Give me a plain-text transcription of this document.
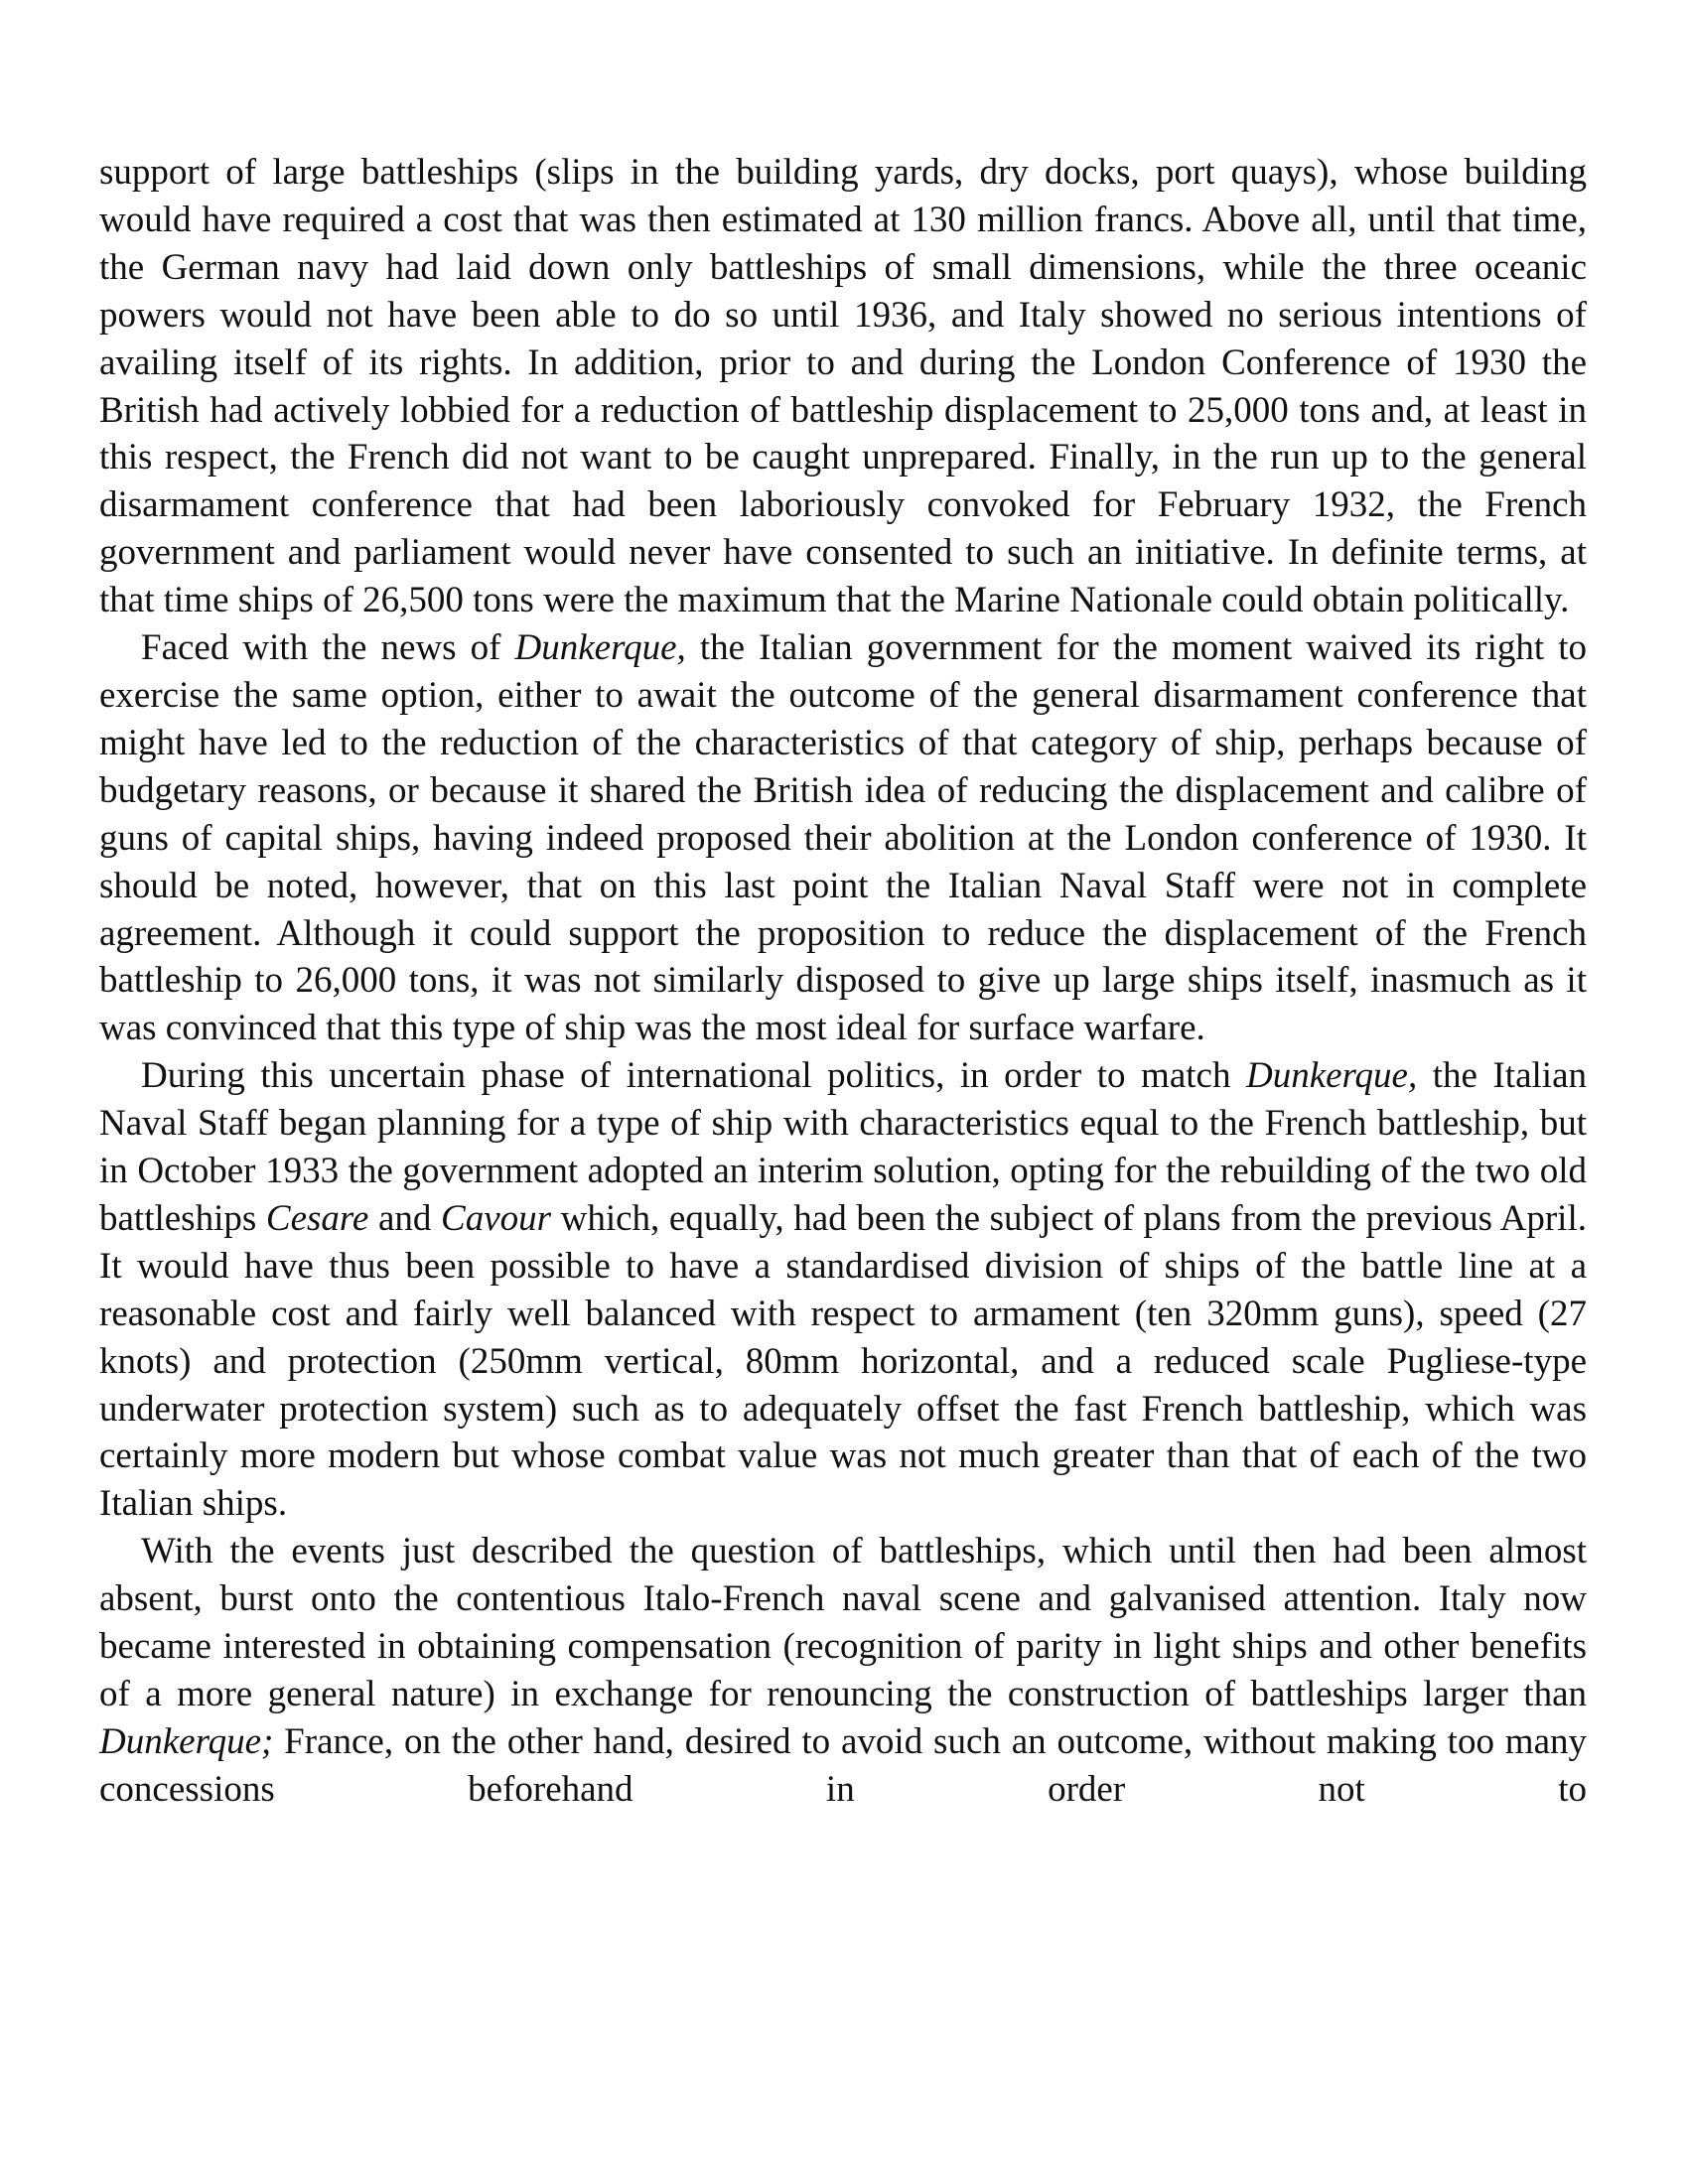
support of large battleships (slips in the building yards, dry docks, port quays), whose building would have required a cost that was then estimated at 130 million francs. Above all, until that time, the German navy had laid down only battleships of small dimensions, while the three oceanic powers would not have been able to do so until 1936, and Italy showed no serious intentions of availing itself of its rights. In addition, prior to and during the London Conference of 1930 the British had actively lobbied for a reduction of battleship displacement to 25,000 tons and, at least in this respect, the French did not want to be caught unprepared. Finally, in the run up to the general disarmament conference that had been laboriously convoked for February 1932, the French government and parliament would never have consented to such an initiative. In definite terms, at that time ships of 26,500 tons were the maximum that the Marine Nationale could obtain politically.

Faced with the news of Dunkerque, the Italian government for the moment waived its right to exercise the same option, either to await the outcome of the general disarmament conference that might have led to the reduction of the characteristics of that category of ship, perhaps because of budgetary reasons, or because it shared the British idea of reducing the displacement and calibre of guns of capital ships, having indeed proposed their abolition at the London conference of 1930. It should be noted, however, that on this last point the Italian Naval Staff were not in complete agreement. Although it could support the proposition to reduce the displacement of the French battleship to 26,000 tons, it was not similarly disposed to give up large ships itself, inasmuch as it was convinced that this type of ship was the most ideal for surface warfare.

During this uncertain phase of international politics, in order to match Dunkerque, the Italian Naval Staff began planning for a type of ship with characteristics equal to the French battleship, but in October 1933 the government adopted an interim solution, opting for the rebuilding of the two old battleships Cesare and Cavour which, equally, had been the subject of plans from the previous April. It would have thus been possible to have a standardised division of ships of the battle line at a reasonable cost and fairly well balanced with respect to armament (ten 320mm guns), speed (27 knots) and protection (250mm vertical, 80mm horizontal, and a reduced scale Pugliese-type underwater protection system) such as to adequately offset the fast French battleship, which was certainly more modern but whose combat value was not much greater than that of each of the two Italian ships.

With the events just described the question of battleships, which until then had been almost absent, burst onto the contentious Italo-French naval scene and galvanised attention. Italy now became interested in obtaining compensation (recognition of parity in light ships and other benefits of a more general nature) in exchange for renouncing the construction of battleships larger than Dunkerque; France, on the other hand, desired to avoid such an outcome, without making too many concessions beforehand in order not to
